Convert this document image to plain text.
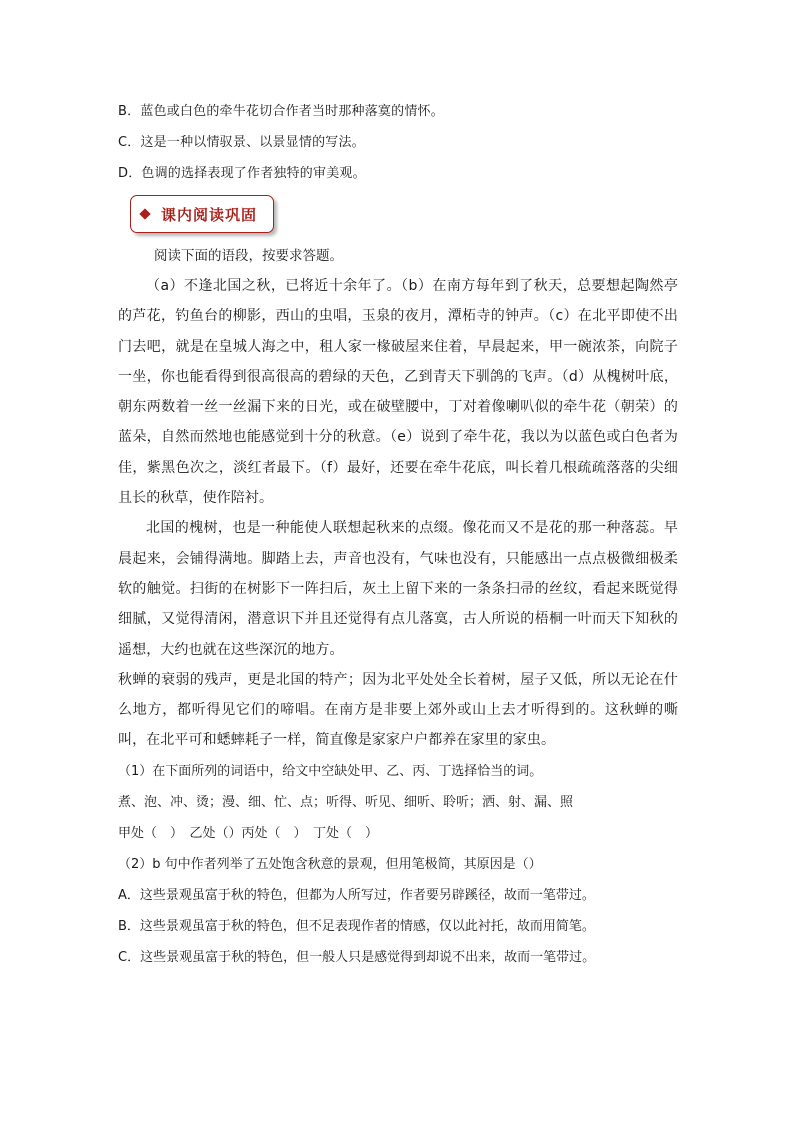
B．蓝色或白色的牵牛花切合作者当时那种落寞的情怀。
C．这是一种以情驭景、以景显情的写法。
D．色调的选择表现了作者独特的审美观。
课内阅读巩固
阅读下面的语段，按要求答题。

（a）不逢北国之秋，已将近十余年了。（b）在南方每年到了秋天，总要想起陶然亭的芦花，钓鱼台的柳影，西山的虫唱，玉泉的夜月，潭柘寺的钟声。（c）在北平即使不出门去吧，就是在皇城人海之中，租人家一椽破屋来住着，早晨起来，甲一碗浓茶，向院子一坐，你也能看得到很高很高的碧绿的天色，乙到青天下驯鸽的飞声。（d）从槐树叶底，朝东两数着一丝一丝漏下来的日光，或在破壁腰中，丁对着像喇叭似的牵牛花（朝荣）的蓝朵，自然而然地也能感觉到十分的秋意。（e）说到了牵牛花，我以为以蓝色或白色者为佳，紫黑色次之，淡红者最下。（f）最好，还要在牵牛花底，叫长着几根疏疏落落的尖细且长的秋草，使作陪衬。

北国的槐树，也是一种能使人联想起秋来的点缀。像花而又不是花的那一种落蕊。早晨起来，会铺得满地。脚踏上去，声音也没有，气味也没有，只能感出一点点极微细极柔软的触觉。扫街的在树影下一阵扫后，灰土上留下来的一条条扫帚的丝纹，看起来既觉得细腻，又觉得清闲，潜意识下并且还觉得有点儿落寞，古人所说的梧桐一叶而天下知秋的遥想，大约也就在这些深沉的地方。

秋蝉的衰弱的残声，更是北国的特产；因为北平处处全长着树，屋子又低，所以无论在什么地方，都听得见它们的啼唱。在南方是非要上郊外或山上去才听得到的。这秋蝉的嘶叫，在北平可和蟋蟀耗子一样，简直像是家家户户都养在家里的家虫。

（1）在下面所列的词语中，给文中空缺处甲、乙、丙、丁选择恰当的词。
煮、泡、冲、烫；漫、细、忙、点；听得、听见、细听、聆听；洒、射、漏、照
甲处（　）　乙处（）丙处（　）　丁处（　）
（2）b 句中作者列举了五处饱含秋意的景观，但用笔极简，其原因是（）
A．这些景观虽富于秋的特色，但都为人所写过，作者要另辟蹊径，故而一笔带过。
B．这些景观虽富于秋的特色，但不足表现作者的情感，仅以此衬托，故而用简笔。
C．这些景观虽富于秋的特色，但一般人只是感觉得到却说不出来，故而一笔带过。
